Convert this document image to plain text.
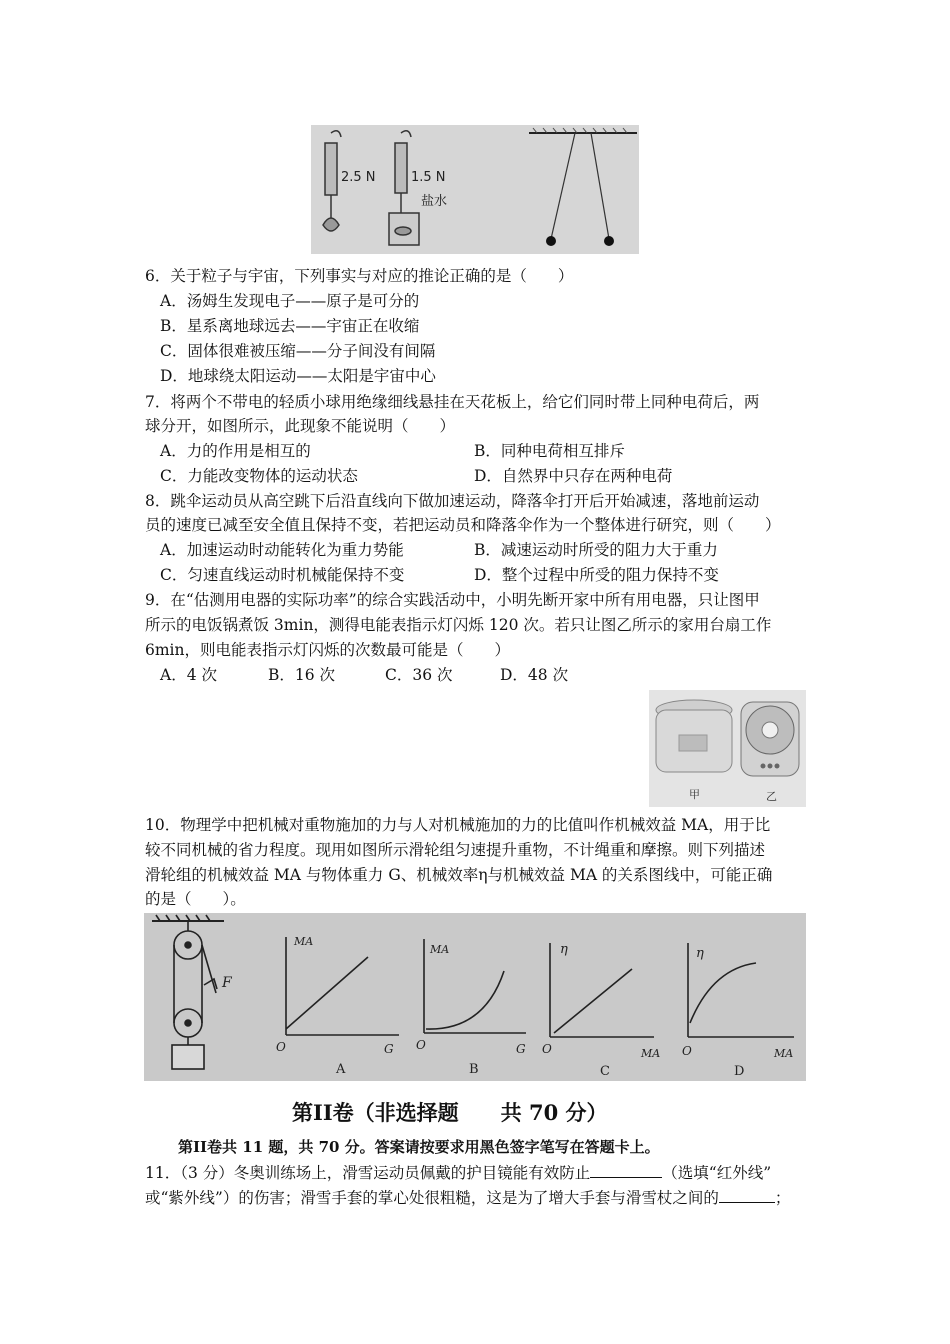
2.5 N	1.5 N
盐水
6．关于粒子与宇宙，下列事实与对应的推论正确的是（　　）
A．汤姆生发现电子——原子是可分的
B．星系离地球远去——宇宙正在收缩
C．固体很难被压缩——分子间没有间隔
D．地球绕太阳运动——太阳是宇宙中心
7．将两个不带电的轻质小球用绝缘细线悬挂在天花板上，给它们同时带上同种电荷后，两
球分开，如图所示，此现象不能说明（　　）
A．力的作用是相互的	B．同种电荷相互排斥
C．力能改变物体的运动状态	D．自然界中只存在两种电荷
8．跳伞运动员从高空跳下后沿直线向下做加速运动，降落伞打开后开始减速，落地前运动
员的速度已减至安全值且保持不变，若把运动员和降落伞作为一个整体进行研究，则（　　）
A．加速运动时动能转化为重力势能	B．减速运动时所受的阻力大于重力
C．匀速直线运动时机械能保持不变	D．整个过程中所受的阻力保持不变
9．在“估测用电器的实际功率”的综合实践活动中，小明先断开家中所有用电器，只让图甲
所示的电饭锅煮饭 3min，测得电能表指示灯闪烁 120 次。若只让图乙所示的家用台扇工作
6min，则电能表指示灯闪烁的次数最可能是（　　）
A．4 次	B．16 次	C．36 次	D．48 次
甲	乙
10．物理学中把机械对重物施加的力与人对机械施加的力的比值叫作机械效益 MA，用于比
较不同机械的省力程度。现用如图所示滑轮组匀速提升重物，不计绳重和摩擦。则下列描述
滑轮组的机械效益 MA 与物体重力 G、机械效率η与机械效益 MA 的关系图线中，可能正确
的是（　　）。
F
MA
O	G
A
MA
O	G
B
η
O	MA
C
η
O	MA
D
第II卷（非选择题　　共 70 分）
第II卷共 11 题，共 70 分。答案请按要求用黑色签字笔写在答题卡上。
11．（3 分）冬奥训练场上，滑雪运动员佩戴的护目镜能有效防止	（选填“红外线”
或“紫外线”）的伤害；滑雪手套的掌心处很粗糙，这是为了增大手套与滑雪杖之间的	；
